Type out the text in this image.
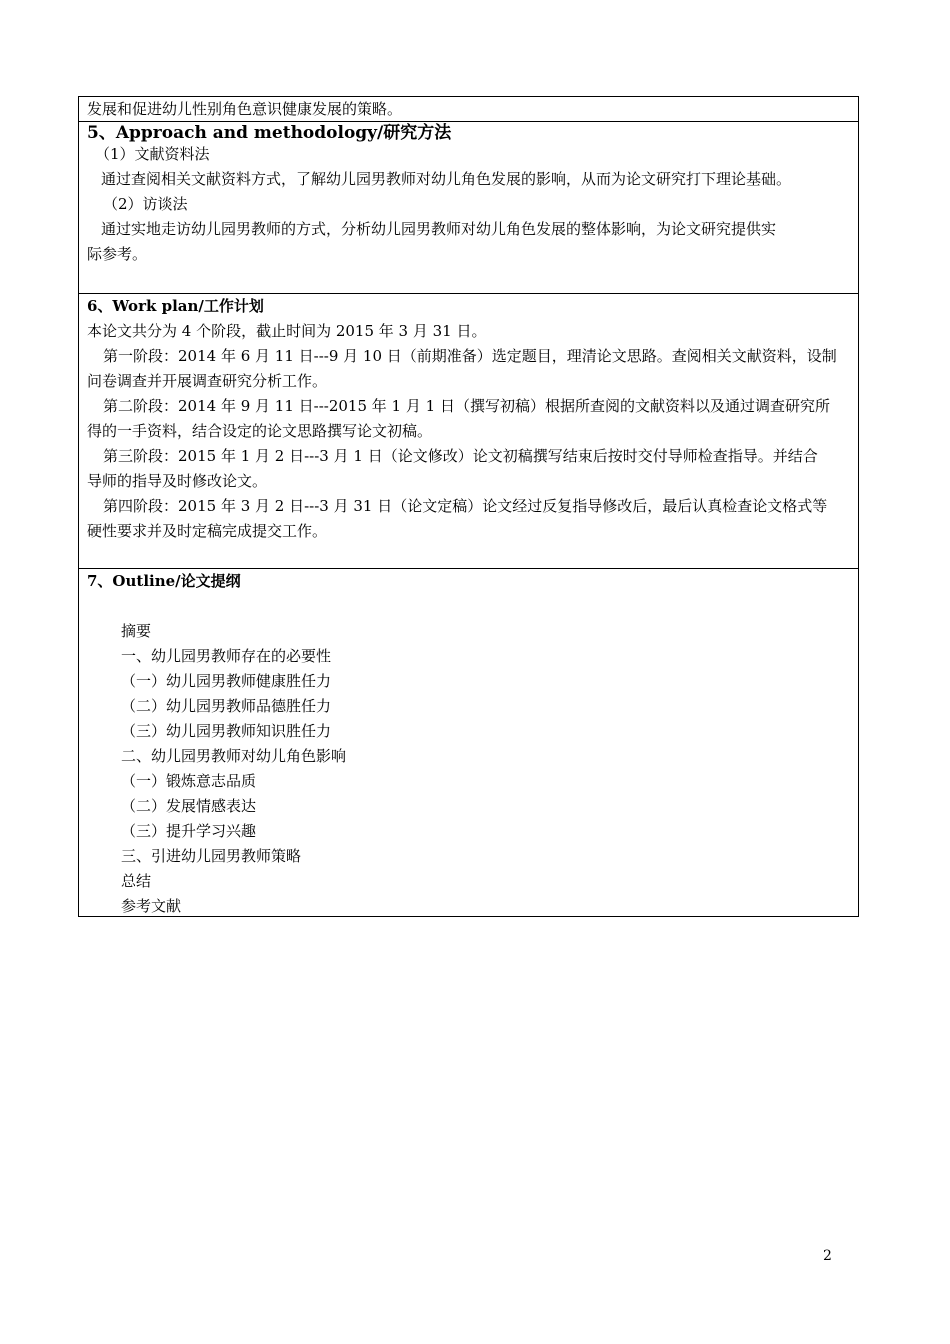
发展和促进幼儿性别角色意识健康发展的策略。
5、Approach and methodology/研究方法
（1）文献资料法
通过查阅相关文献资料方式，了解幼儿园男教师对幼儿角色发展的影响，从而为论文研究打下理论基础。
（2）访谈法
通过实地走访幼儿园男教师的方式，分析幼儿园男教师对幼儿角色发展的整体影响，为论文研究提供实
际参考。
6、Work plan/工作计划
本论文共分为 4 个阶段，截止时间为 2015 年 3 月 31 日。
第一阶段：2014 年 6 月 11 日---9 月 10 日（前期准备）选定题目，理清论文思路。查阅相关文献资料，设制
问卷调查并开展调查研究分析工作。
第二阶段：2014 年 9 月 11 日---2015 年 1 月 1 日（撰写初稿）根据所查阅的文献资料以及通过调查研究所
得的一手资料，结合设定的论文思路撰写论文初稿。
第三阶段：2015 年 1 月 2 日---3 月 1 日（论文修改）论文初稿撰写结束后按时交付导师检查指导。并结合
导师的指导及时修改论文。
第四阶段：2015 年 3 月 2 日---3 月 31 日（论文定稿）论文经过反复指导修改后，最后认真检查论文格式等
硬性要求并及时定稿完成提交工作。
7、Outline/论文提纲
摘要
一、幼儿园男教师存在的必要性
（一）幼儿园男教师健康胜任力
（二）幼儿园男教师品德胜任力
（三）幼儿园男教师知识胜任力
二、幼儿园男教师对幼儿角色影响
（一）锻炼意志品质
（二）发展情感表达
（三）提升学习兴趣
三、引进幼儿园男教师策略
总结
参考文献
2
